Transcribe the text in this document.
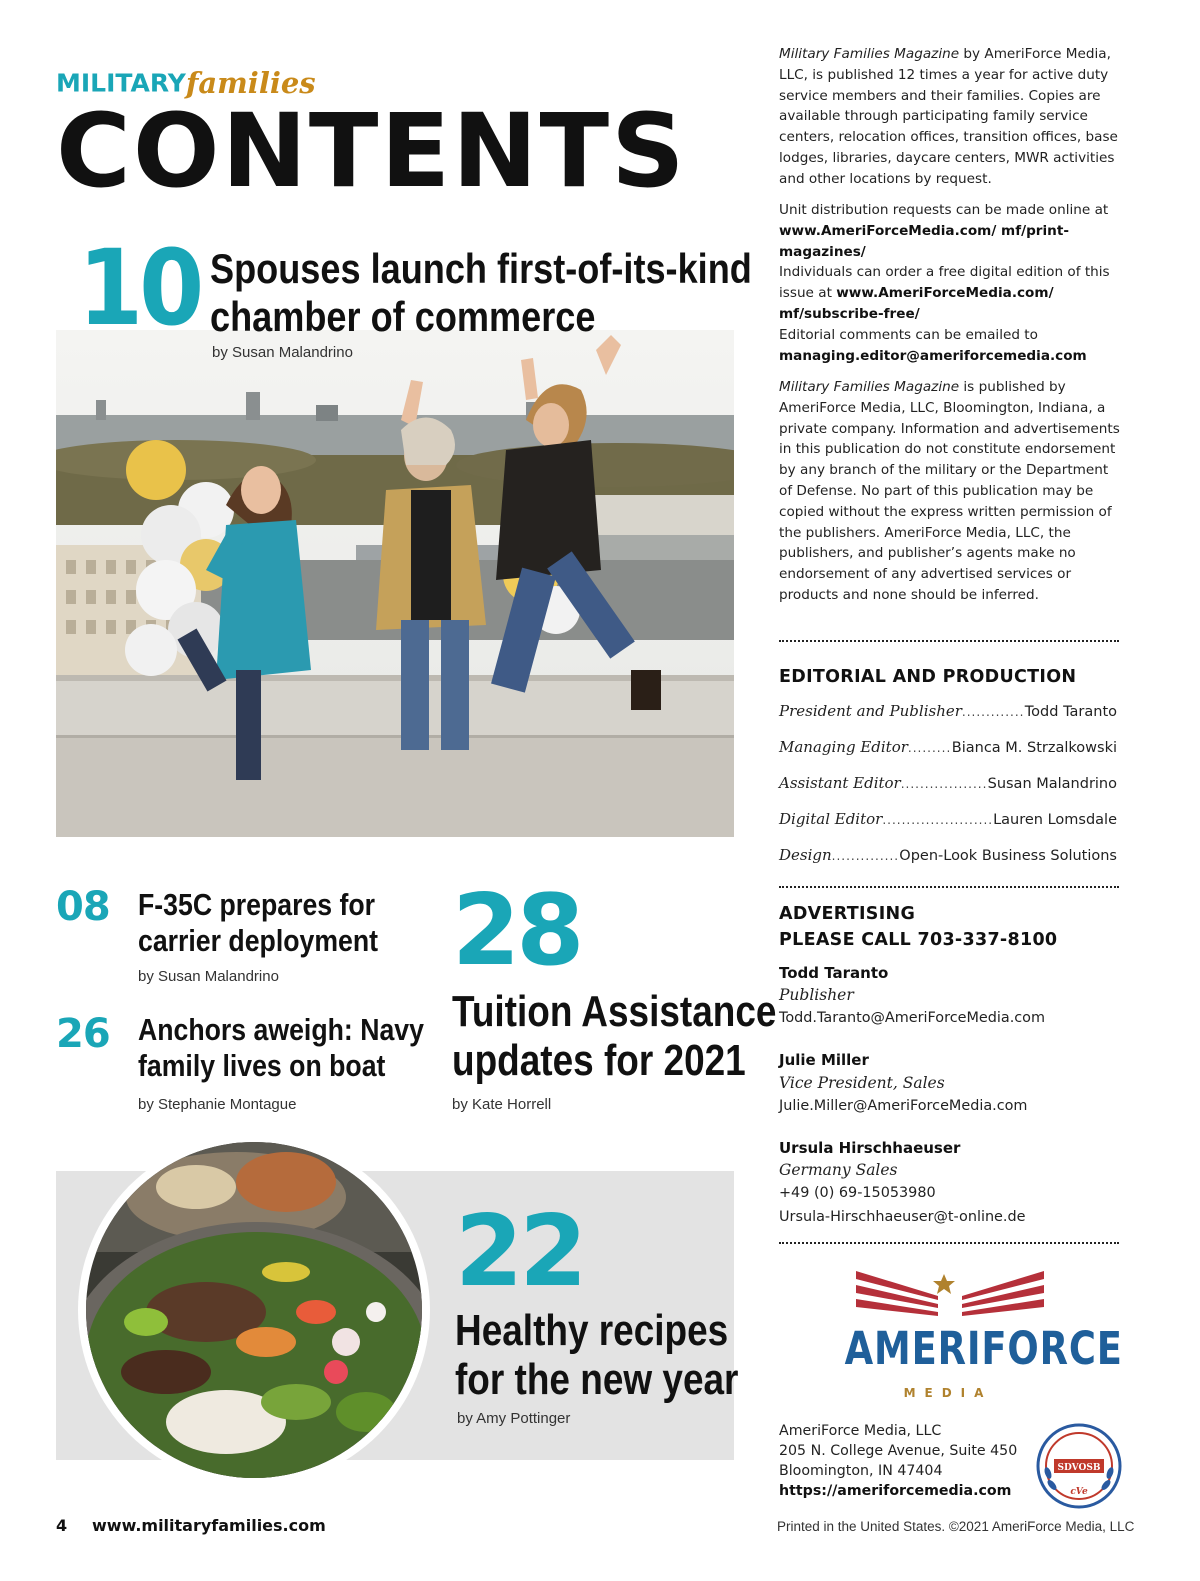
MILITARYfamilies
CONTENTS
10 Spouses launch first-of-its-kind
chamber of commerce
by Susan Malandrino
08 F-35C prepares for
carrier deployment
by Susan Malandrino
26 Anchors aweigh: Navy
family lives on boat
by Stephanie Montague
28
Tuition Assistance
updates for 2021
by Kate Horrell
22
Healthy recipes
for the new year
by Amy Pottinger
4 www.militaryfamilies.com
Military Families Magazine by AmeriForce Media, LLC, is published 12 times a year for active duty service members and their families. Copies are available through participating family service centers, relocation offices, transition offices, base lodges, libraries, daycare centers, MWR activities and other locations by request.
Unit distribution requests can be made online at www.AmeriForceMedia.com/ mf/print-magazines/
Individuals can order a free digital edition of this issue at www.AmeriForceMedia.com/ mf/subscribe-free/
Editorial comments can be emailed to
managing.editor@ameriforcemedia.com
Military Families Magazine is published by AmeriForce Media, LLC, Bloomington, Indiana, a private company. Information and advertisements in this publication do not constitute endorsement by any branch of the military or the Department of Defense. No part of this publication may be copied without the express written permission of the publishers. AmeriForce Media, LLC, the publishers, and publisher’s agents make no endorsement of any advertised services or products and none should be inferred.
EDITORIAL AND PRODUCTION
President and Publisher .....	Todd Taranto
Managing Editor .....	Bianca M. Strzalkowski
Assistant Editor .....	Susan Malandrino
Digital Editor .....	Lauren Lomsdale
Design .....	Open-Look Business Solutions
ADVERTISING
PLEASE CALL 703-337-8100
Todd Taranto
Publisher
Todd.Taranto@AmeriForceMedia.com
Julie Miller
Vice President, Sales
Julie.Miller@AmeriForceMedia.com
Ursula Hirschhaeuser
Germany Sales
+49 (0) 69-15053980
Ursula-Hirschhaeuser@t-online.de
AMERIFORCE
MEDIA
AmeriForce Media, LLC
205 N. College Avenue, Suite 450
Bloomington, IN 47404
https://ameriforcemedia.com
SDVOSB
cVe
Printed in the United States. ©2021 AmeriForce Media, LLC
